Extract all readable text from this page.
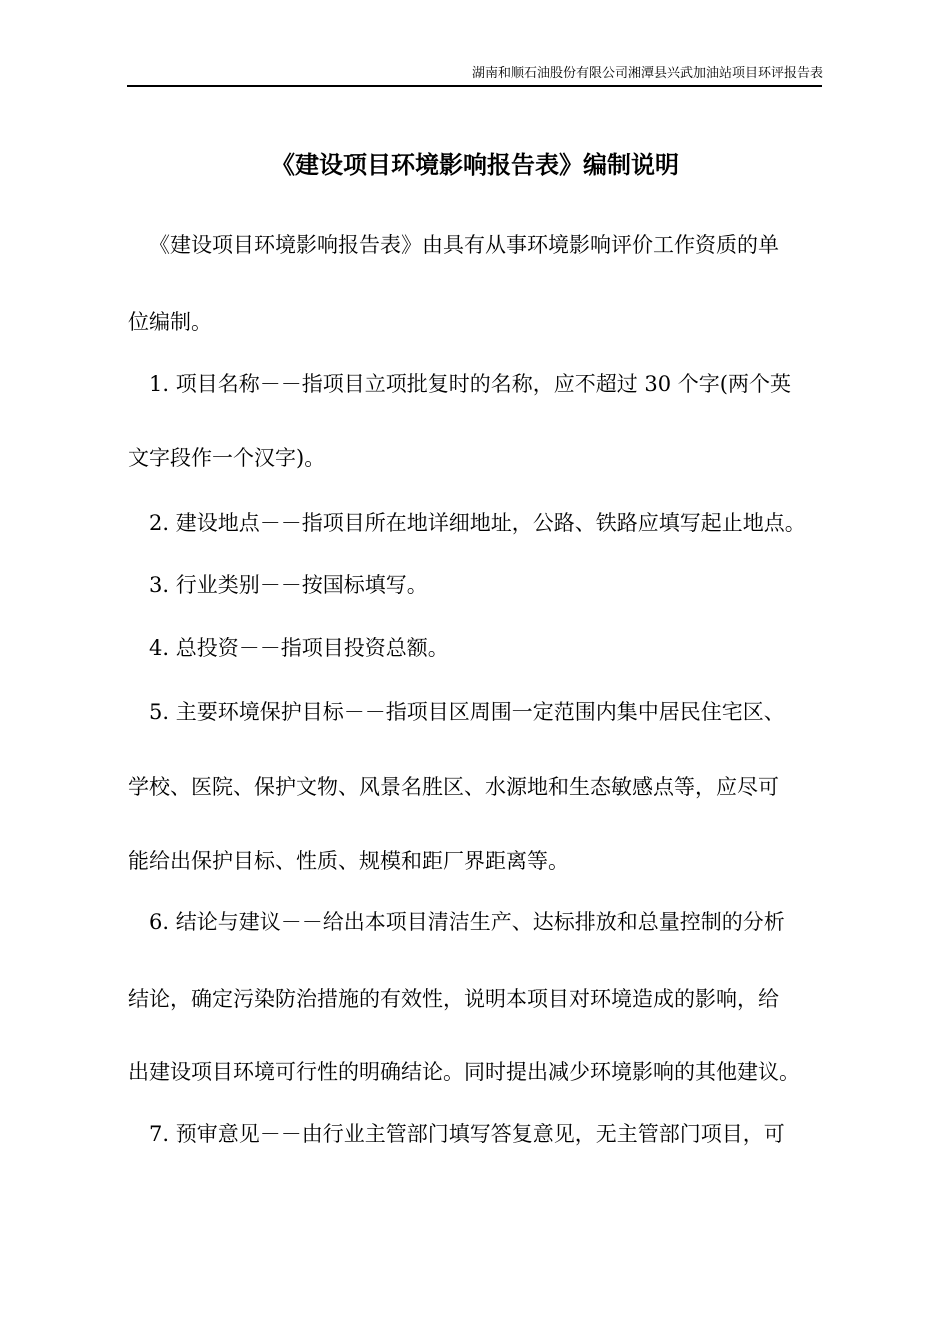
湖南和顺石油股份有限公司湘潭县兴武加油站项目环评报告表
《建设项目环境影响报告表》编制说明
《建设项目环境影响报告表》由具有从事环境影响评价工作资质的单
位编制。
1. 项目名称－－指项目立项批复时的名称，应不超过 30 个字(两个英
文字段作一个汉字)。
2. 建设地点－－指项目所在地详细地址，公路、铁路应填写起止地点。
3. 行业类别－－按国标填写。
4. 总投资－－指项目投资总额。
5. 主要环境保护目标－－指项目区周围一定范围内集中居民住宅区、
学校、医院、保护文物、风景名胜区、水源地和生态敏感点等，应尽可
能给出保护目标、性质、规模和距厂界距离等。
6. 结论与建议－－给出本项目清洁生产、达标排放和总量控制的分析
结论，确定污染防治措施的有效性，说明本项目对环境造成的影响，给
出建设项目环境可行性的明确结论。同时提出减少环境影响的其他建议。
7. 预审意见－－由行业主管部门填写答复意见，无主管部门项目，可
